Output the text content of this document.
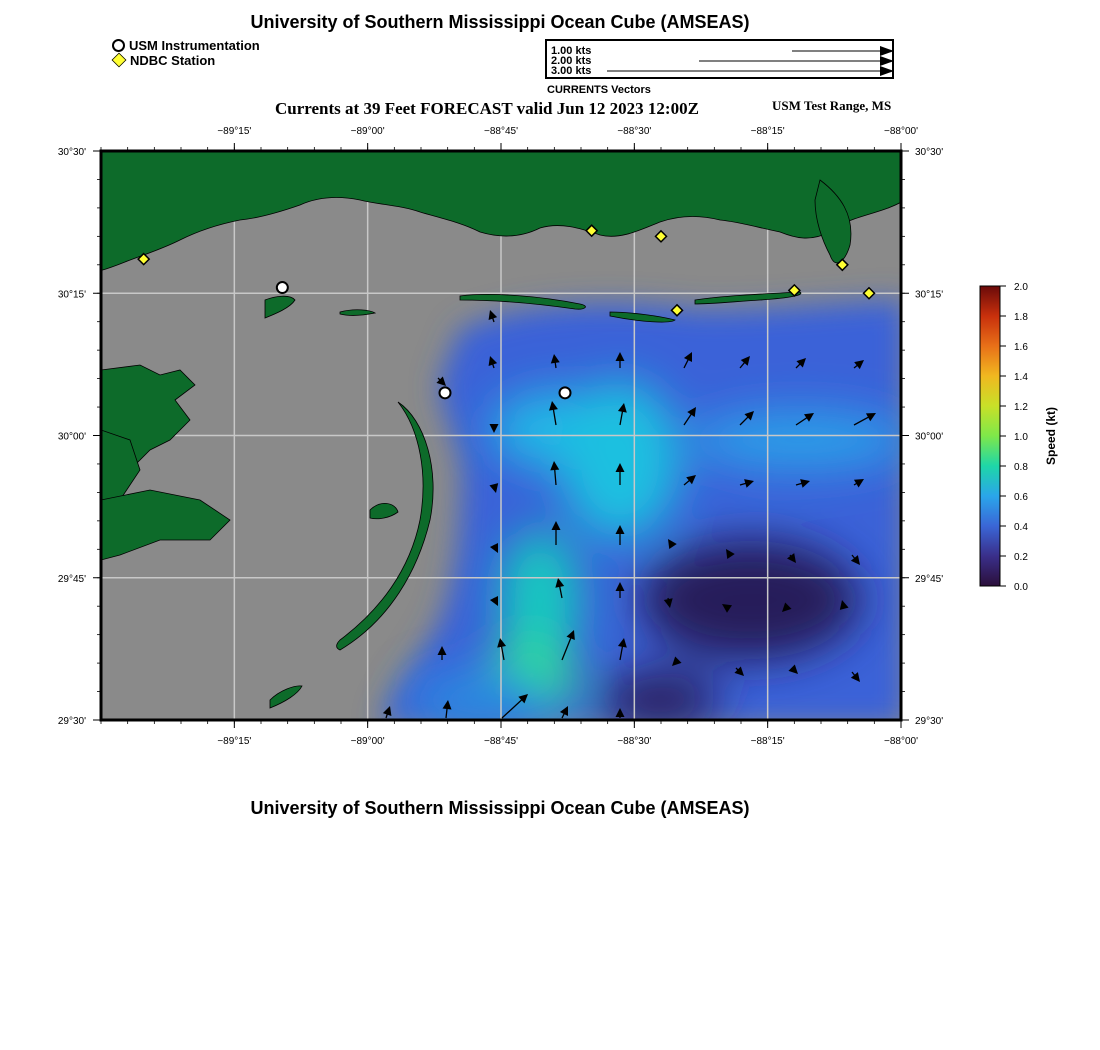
University of Southern Mississippi Ocean Cube (AMSEAS)
USM Instrumentation
NDBC Station
1.00 kts
2.00 kts
3.00 kts
CURRENTS Vectors
Currents at 39 Feet FORECAST valid Jun 12 2023 12:00Z	USM Test Range, MS
−89°15'
−89°15'
−89°00'
−89°00'
−88°45'
−88°45'
−88°30'
−88°30'
−88°15'
−88°15'
−88°00'
−88°00'
30°30'	30°30'
30°15'	30°15'
30°00'	30°00'
29°45'	29°45'
29°30'	29°30'
2.0
1.8
1.6
1.4
1.2
1.0
0.8
0.6
0.4
0.2
0.0
Speed (kt)
University of Southern Mississippi Ocean Cube (AMSEAS)
